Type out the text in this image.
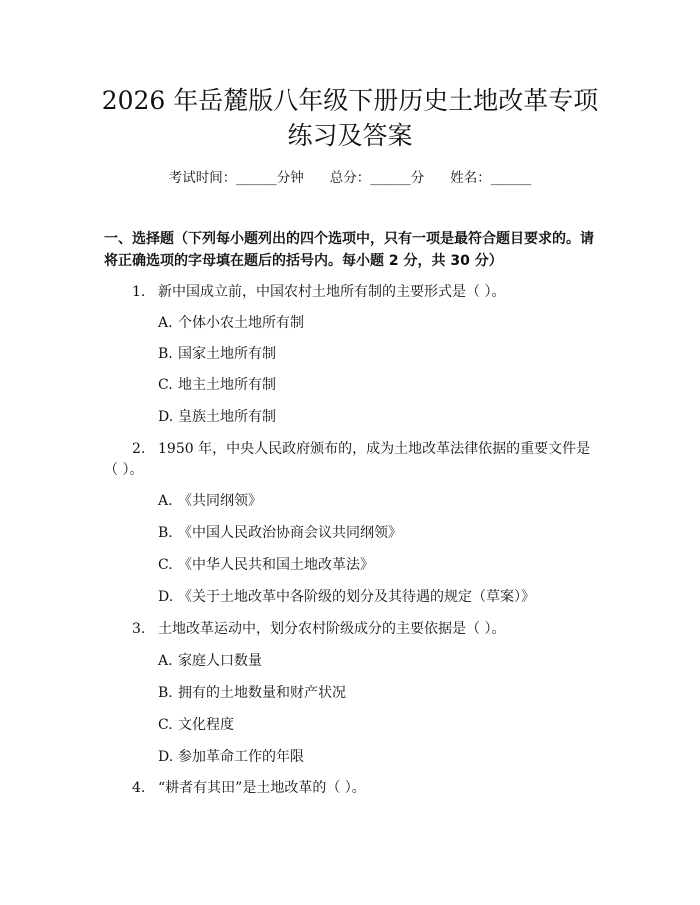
2026 年岳麓版八年级下册历史土地改革专项
练习及答案
考试时间：______分钟 总分：______分 姓名：______
一、选择题（下列每小题列出的四个选项中，只有一项是最符合题目要求的。请
将正确选项的字母填在题后的括号内。每小题 2 分，共 30 分）
1. 新中国成立前，中国农村土地所有制的主要形式是（ ）。
A. 个体小农土地所有制
B. 国家土地所有制
C. 地主土地所有制
D. 皇族土地所有制
2. 1950 年，中央人民政府颁布的，成为土地改革法律依据的重要文件是
（ ）。
A. 《共同纲领》
B. 《中国人民政治协商会议共同纲领》
C. 《中华人民共和国土地改革法》
D. 《关于土地改革中各阶级的划分及其待遇的规定（草案）》
3. 土地改革运动中，划分农村阶级成分的主要依据是（ ）。
A. 家庭人口数量
B. 拥有的土地数量和财产状况
C. 文化程度
D. 参加革命工作的年限
4. “耕者有其田”是土地改革的（ ）。
